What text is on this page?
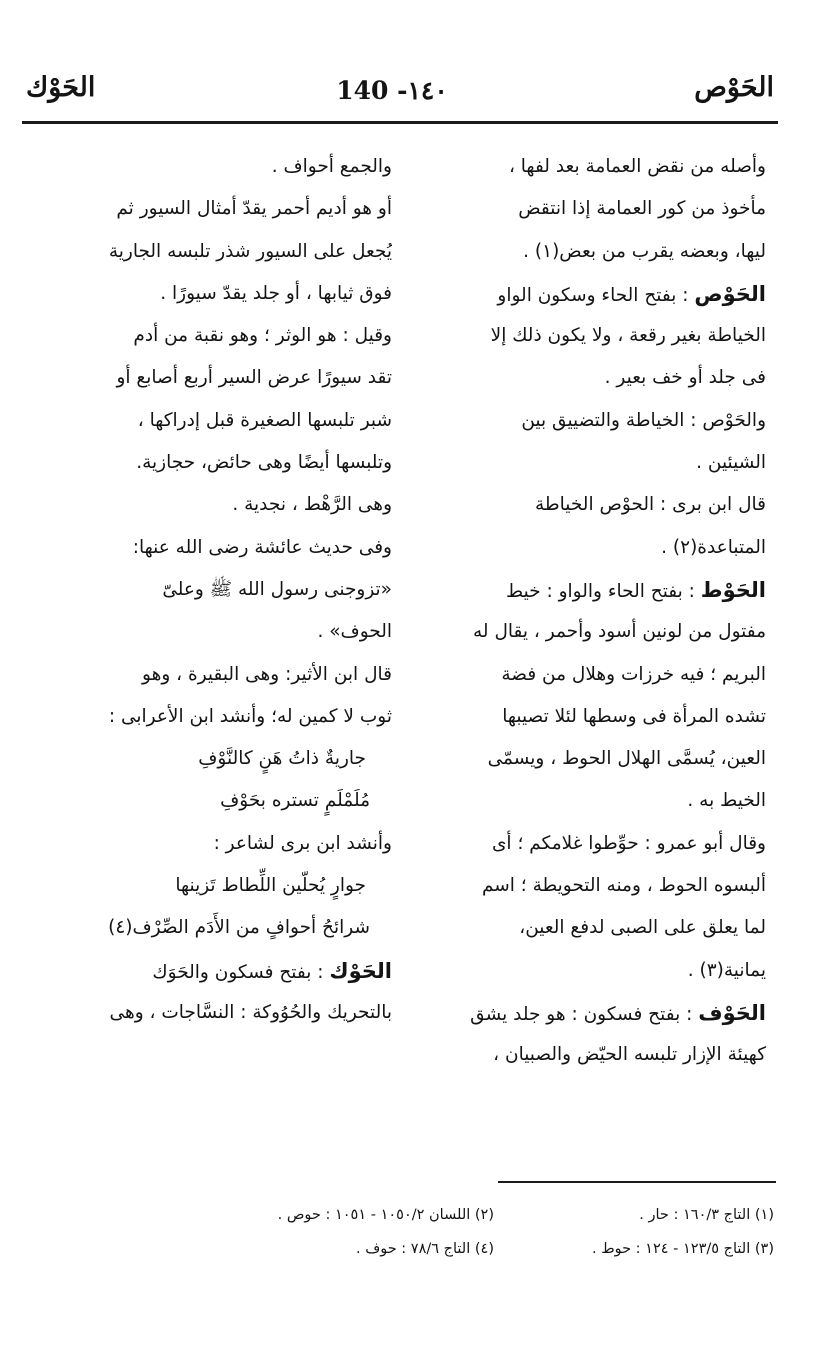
الحَوْص
140 -١٤٠
الحَوْك
وأصله من نقض العمامة بعد لفها ،
مأخوذ من كور العمامة إذا انتقض
ليها، وبعضه يقرب من بعض(١) .
الحَوْص : بفتح الحاء وسكون الواو
الخياطة بغير رقعة ، ولا يكون ذلك إلا
فى جلد أو خف بعير .
والحَوْص : الخياطة والتضييق بين
الشيئين .
قال ابن برى : الحوْص الخياطة
المتباعدة(٢) .
الحَوْط : بفتح الحاء والواو : خيط
مفتول من لونين أسود وأحمر ، يقال له
البريم ؛ فيه خرزات وهلال من فضة
تشده المرأة فى وسطها لئلا تصيبها
العين، يُسمَّى الهلال الحوط ، ويسمّى
الخيط به .
وقال أبو عمرو : حوِّطوا غلامكم ؛ أى
ألبسوه الحوط ، ومنه التحويطة ؛ اسم
لما يعلق على الصبى لدفع العين،
يمانية(٣) .
الحَوْف : بفتح فسكون : هو جلد يشق
كهيئة الإزار تلبسه الحيّض والصبيان ،
والجمع أحواف .
أو هو أديم أحمر يقدّ أمثال السيور ثم
يُجعل على السيور شذر تلبسه الجارية
فوق ثيابها ، أو جلد يقدّ سيورًا .
وقيل : هو الوثر ؛ وهو نقبة من أدم
تقد سيورًا عرض السير أربع أصابع أو
شبر تلبسها الصغيرة قبل إدراكها ،
وتلبسها أيضًا وهى حائض، حجازية.
وهى الرَّهْط ، نجدية .
وفى حديث عائشة رضى الله عنها:
«تزوجنى رسول الله ﷺ وعلىّ
الحوف» .
قال ابن الأثير: وهى البقيرة ، وهو
ثوب لا كمين له؛ وأنشد ابن الأعرابى :
جاريةٌ ذاتُ هَنٍ كالنَّوْفِ
مُلَمْلَمٍ تستره بحَوْفِ
وأنشد ابن برى لشاعر :
جوارٍ يُحلّين اللِّطاط تَزينها
شرائحُ أحوافٍ من الأَدَم الصِّرْف(٤)
الحَوْك : بفتح فسكون والحَوَك
بالتحريك والحُوُوكة : النسَّاجات ، وهى
(١) التاج ١٦٠/٣ : حار .
(٢) اللسان ١٠٥٠/٢ - ١٠٥١ : حوص .
(٣) التاج ١٢٣/٥ - ١٢٤ : حوط .
(٤) التاج ٧٨/٦ : حوف .
